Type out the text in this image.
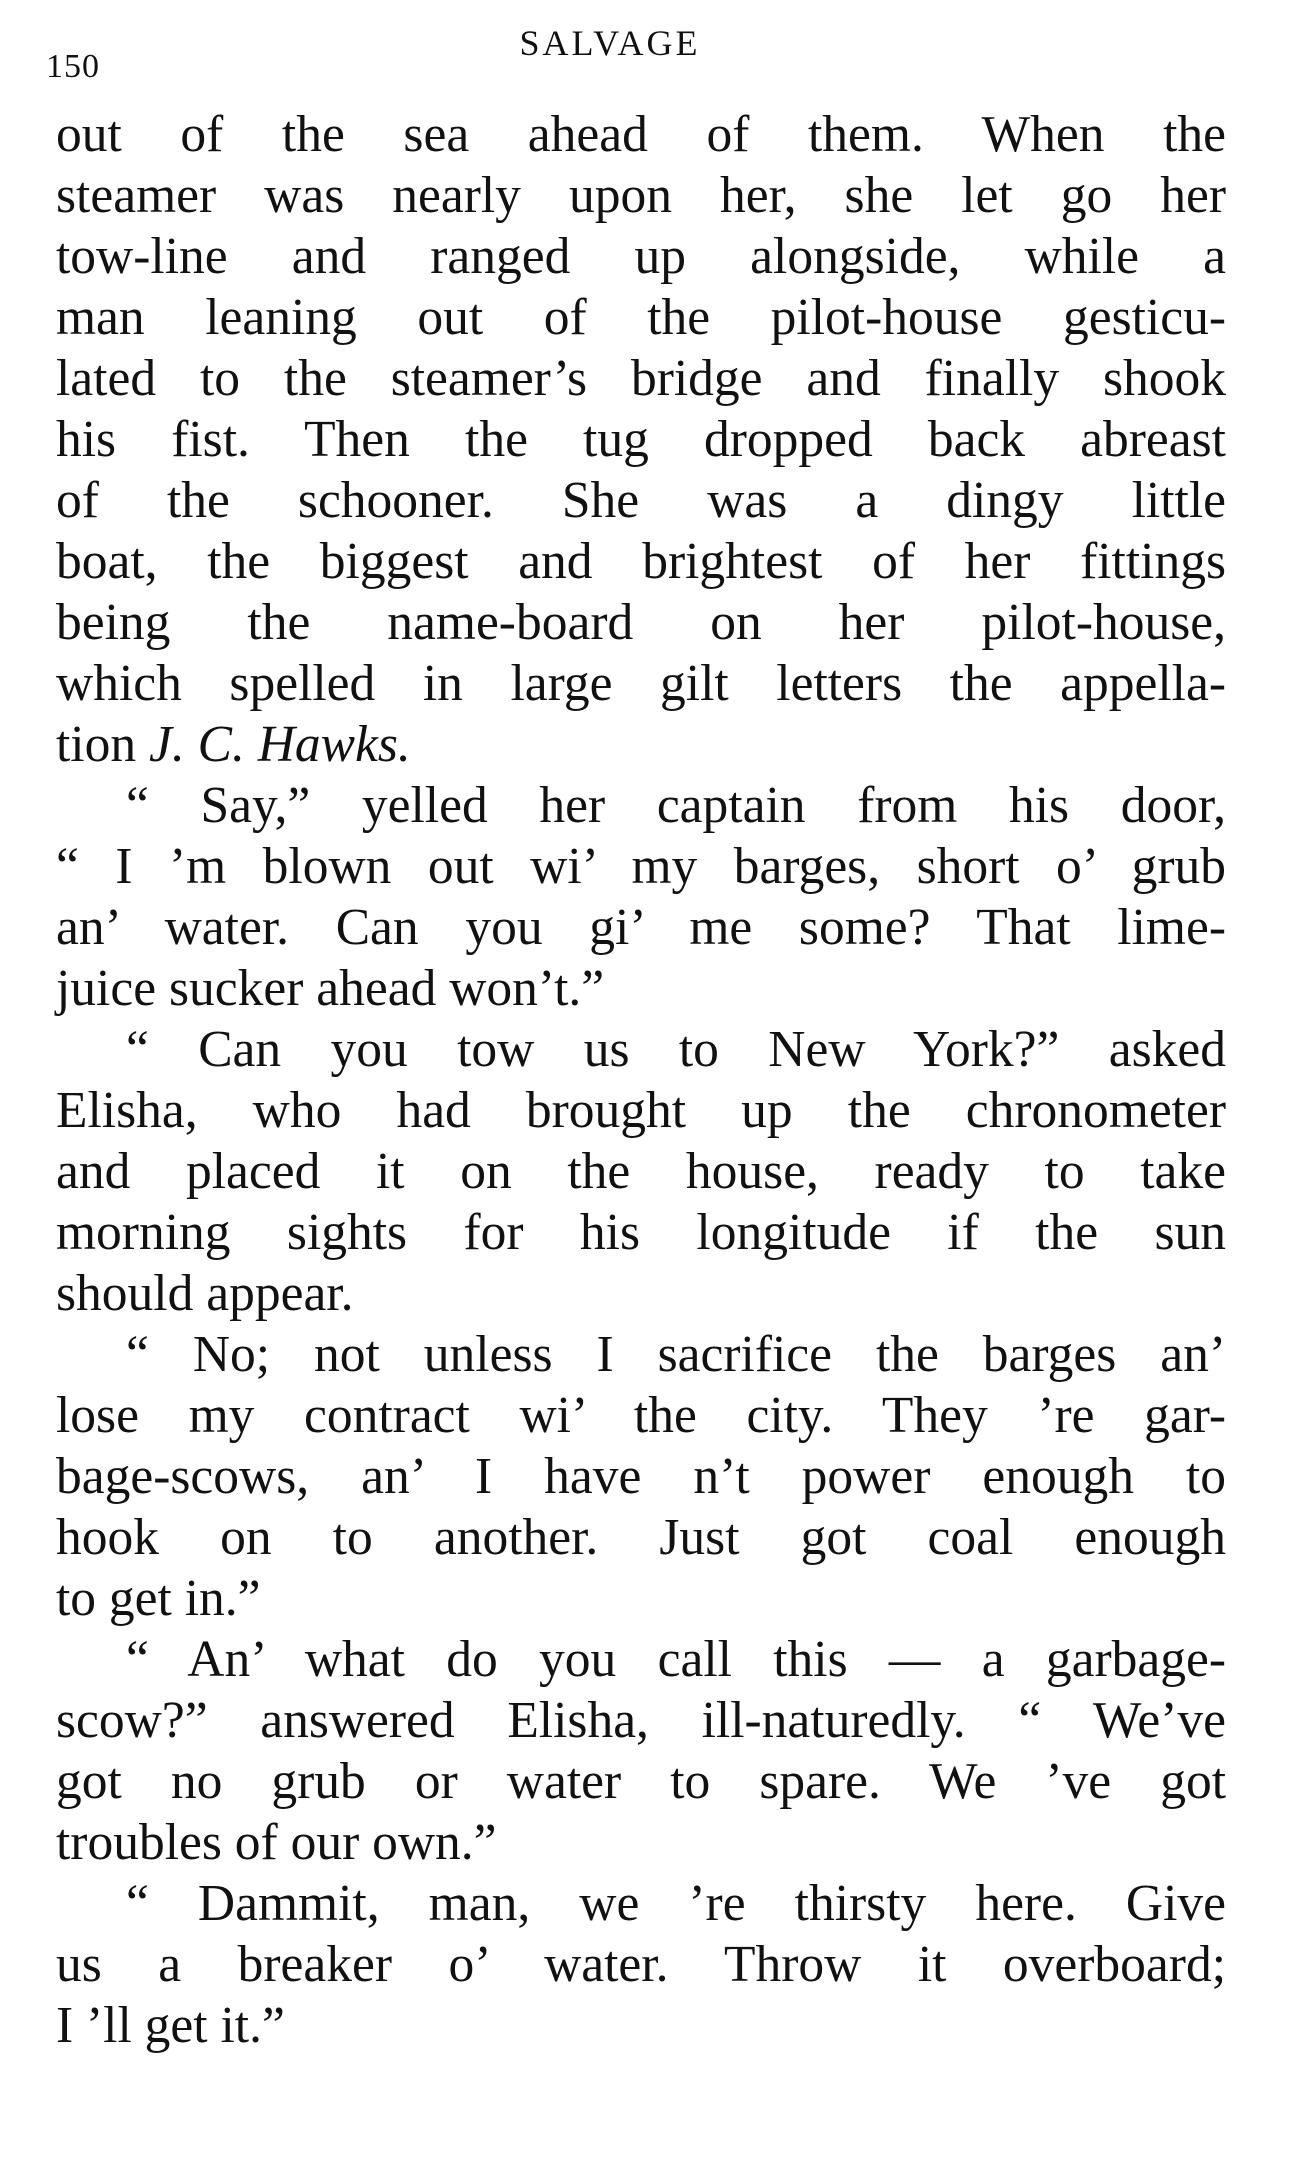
150
SALVAGE
out of the sea ahead of them. When the
steamer was nearly upon her, she let go her
tow-line and ranged up alongside, while a
man leaning out of the pilot-house gesticu-
lated to the steamer’s bridge and finally shook
his fist. Then the tug dropped back abreast
of the schooner. She was a dingy little
boat, the biggest and brightest of her fittings
being the name-board on her pilot-house,
which spelled in large gilt letters the appella-
tion J. C. Hawks.
“ Say,” yelled her captain from his door,
“ I ’m blown out wi’ my barges, short o’ grub
an’ water. Can you gi’ me some? That lime-
juice sucker ahead won’t.”
“ Can you tow us to New York?” asked
Elisha, who had brought up the chronometer
and placed it on the house, ready to take
morning sights for his longitude if the sun
should appear.
“ No; not unless I sacrifice the barges an’
lose my contract wi’ the city. They ’re gar-
bage-scows, an’ I have n’t power enough to
hook on to another. Just got coal enough
to get in.”
“ An’ what do you call this — a garbage-
scow?” answered Elisha, ill-naturedly. “ We’ve
got no grub or water to spare. We ’ve got
troubles of our own.”
“ Dammit, man, we ’re thirsty here. Give
us a breaker o’ water. Throw it overboard;
I ’ll get it.”
